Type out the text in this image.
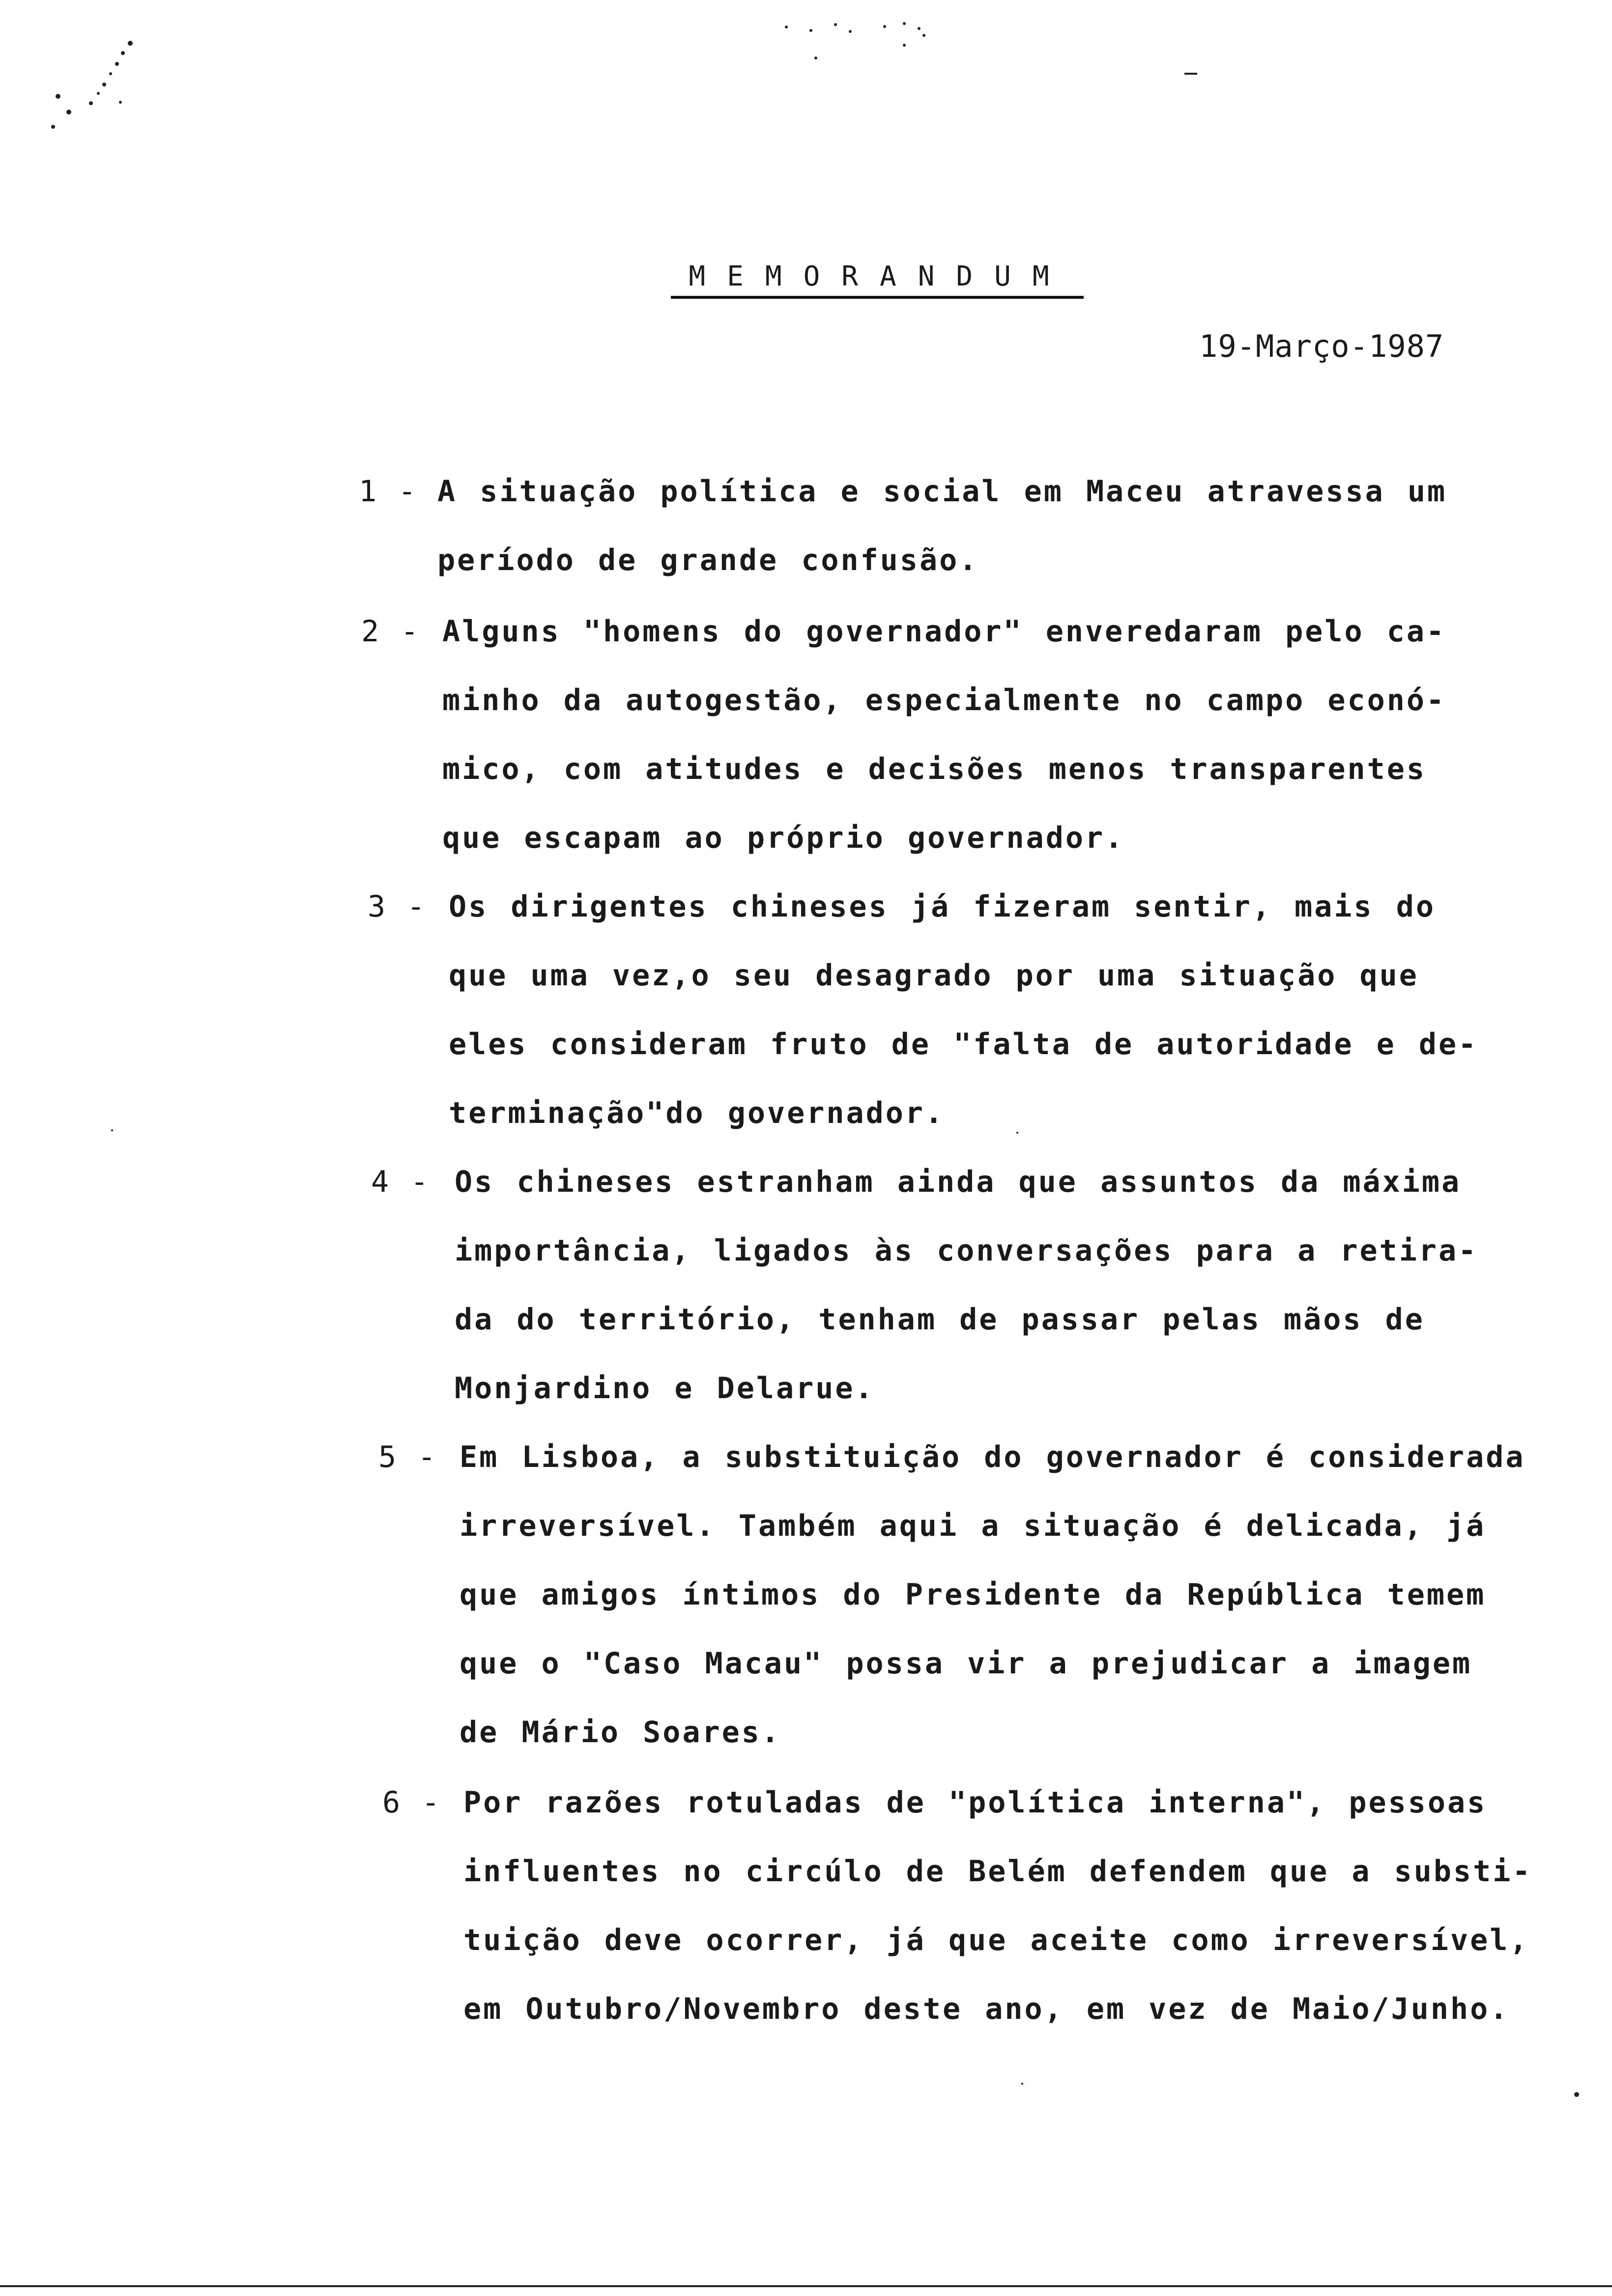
MEMORANDUM
19-Março-1987
1 - A situação política e social em Maceu atravessa um
período de grande confusão.
2 - Alguns "homens do governador" enveredaram pelo ca-
minho da autogestão, especialmente no campo econó-
mico, com atitudes e decisões menos transparentes
que escapam ao próprio governador.
3 - Os dirigentes chineses já fizeram sentir, mais do
que uma vez,o seu desagrado por uma situação que
eles consideram fruto de "falta de autoridade e de-
terminação"do governador.
4 - Os chineses estranham ainda que assuntos da máxima
importância, ligados às conversações para a retira-
da do território, tenham de passar pelas mãos de
Monjardino e Delarue.
5 - Em Lisboa, a substituição do governador é considerada
irreversível. Também aqui a situação é delicada, já
que amigos íntimos do Presidente da República temem
que o "Caso Macau" possa vir a prejudicar a imagem
de Mário Soares.
6 - Por razões rotuladas de "política interna", pessoas
influentes no circúlo de Belém defendem que a substi-
tuição deve ocorrer, já que aceite como irreversível,
em Outubro/Novembro deste ano, em vez de Maio/Junho.
